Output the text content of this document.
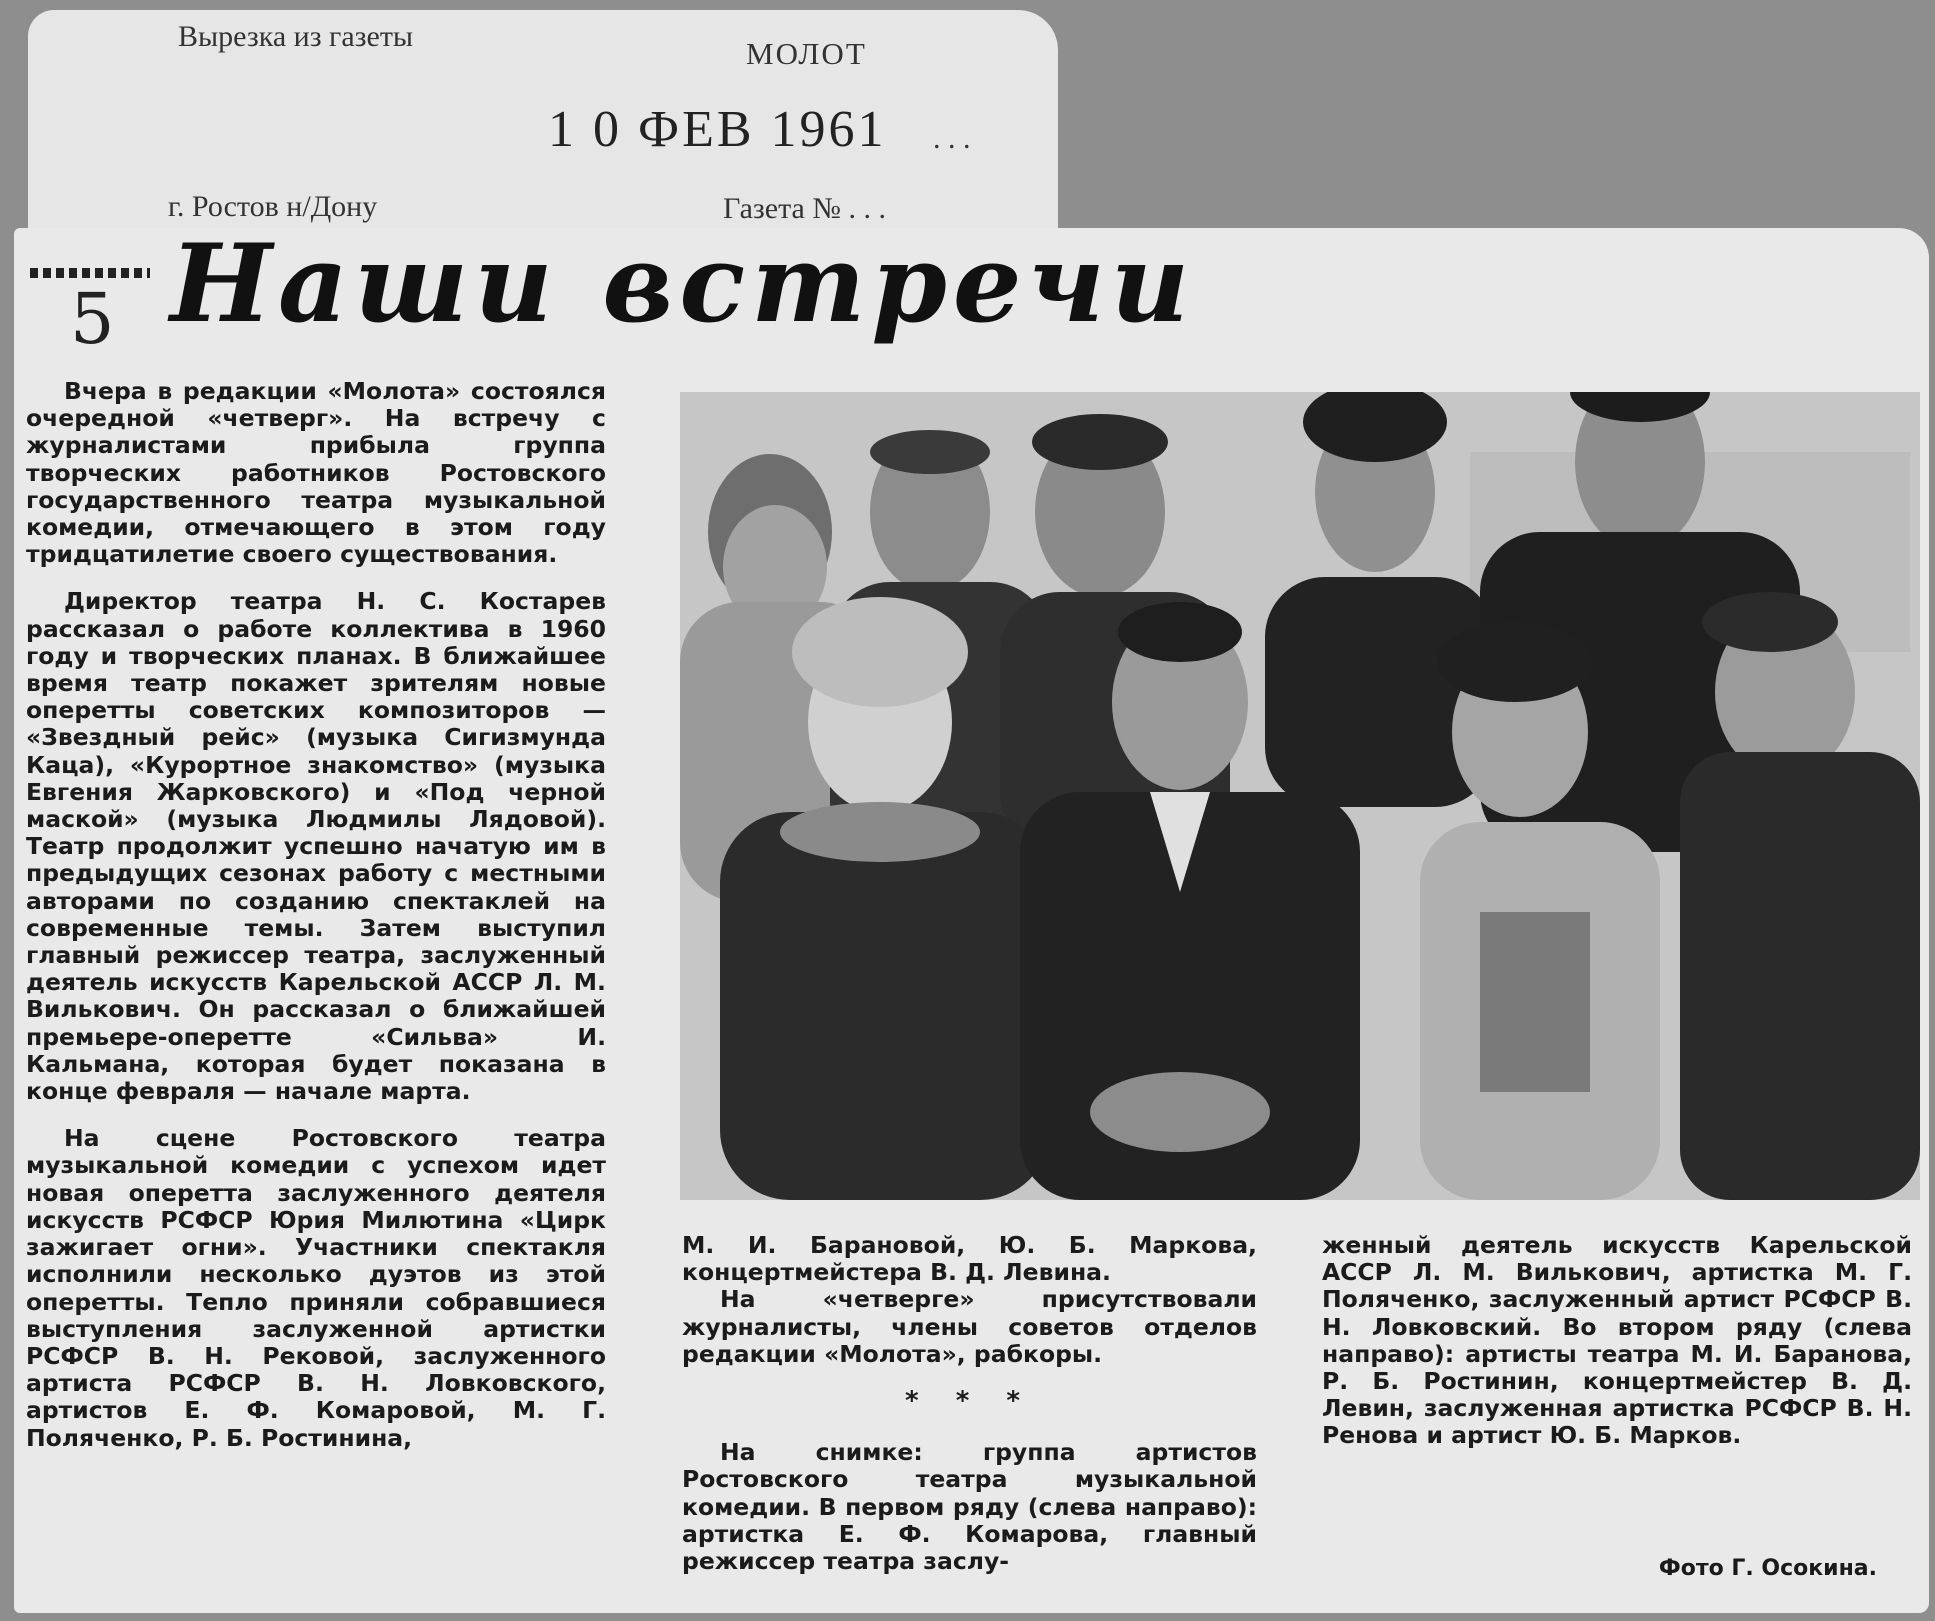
Вырезка из газеты	МОЛОТ
1 0 ФЕВ 1961 . . .
г. Ростов н/Дону	Газета № . . .
5 Наши встречи

Вчера в редакции «Молота» состоялся очередной «четверг». На встречу с журналистами прибыла группа творческих работников Ростовского государственного театра музыкальной комедии, отмечающего в этом году тридцатилетие своего существования.

Директор театра Н. С. Костарев рассказал о работе коллектива в 1960 году и творческих планах. В ближайшее время театр покажет зрителям новые оперетты советских композиторов — «Звездный рейс» (музыка Сигизмунда Каца), «Курортное знакомство» (музыка Евгения Жарковского) и «Под черной маской» (музыка Людмилы Лядовой). Театр продолжит успешно начатую им в предыдущих сезонах работу с местными авторами по созданию спектаклей на современные темы. Затем выступил главный режиссер театра, заслуженный деятель искусств Карельской АССР Л. М. Вилькович. Он рассказал о ближайшей премьере-оперетте «Сильва» И. Кальмана, которая будет показана в конце февраля — начале марта.

На сцене Ростовского театра музыкальной комедии с успехом идет новая оперетта заслуженного деятеля искусств РСФСР Юрия Милютина «Цирк зажигает огни». Участники спектакля исполнили несколько дуэтов из этой оперетты. Тепло приняли собравшиеся выступления заслуженной артистки РСФСР В. Н. Рековой, заслуженного артиста РСФСР В. Н. Ловковского, артистов Е. Ф. Комаровой, М. Г. Поляченко, Р. Б. Ростинина,

М. И. Барановой, Ю. Б. Маркова, концертмейстера В. Д. Левина.

На «четверге» присутствовали журналисты, члены советов отделов редакции «Молота», рабкоры.

* * *

На снимке: группа артистов Ростовского театра музыкальной комедии. В первом ряду (слева направо): артистка Е. Ф. Комарова, главный режиссер театра заслу-

женный деятель искусств Карельской АССР Л. М. Вилькович, артистка М. Г. Поляченко, заслуженный артист РСФСР В. Н. Ловковский. Во втором ряду (слева направо): артисты театра М. И. Баранова, Р. Б. Ростинин, концертмейстер В. Д. Левин, заслуженная артистка РСФСР В. Н. Ренова и артист Ю. Б. Марков.

Фото Г. Осокина.
